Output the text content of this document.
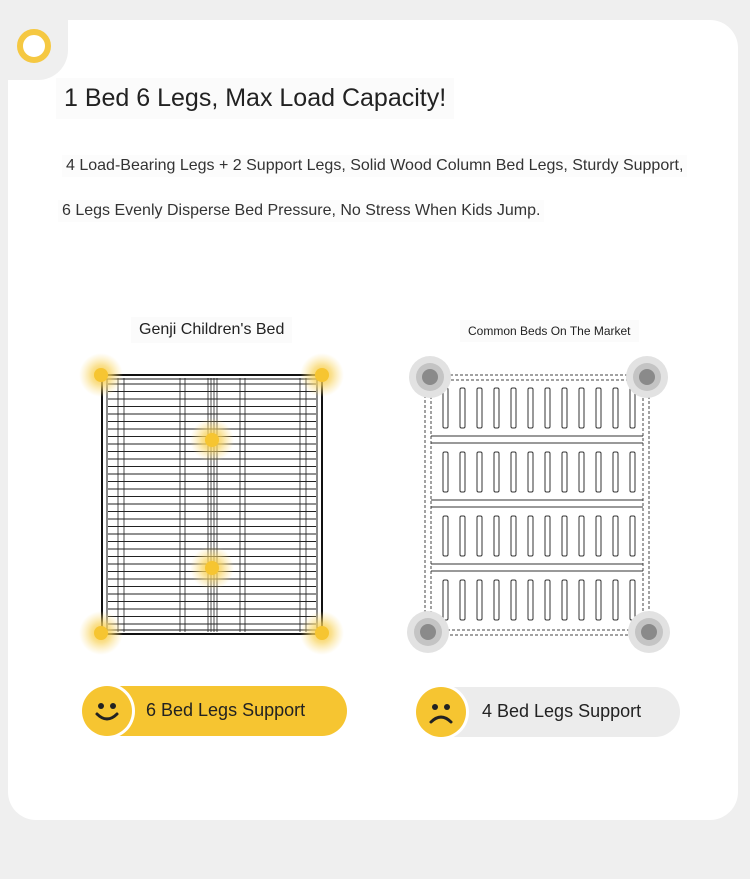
1 Bed 6 Legs, Max Load Capacity!
4 Load-Bearing Legs + 2 Support Legs, Solid Wood Column Bed Legs, Sturdy Support,
6 Legs Evenly Disperse Bed Pressure, No Stress When Kids Jump.
Genji Children's Bed	Common Beds On The Market
6 Bed Legs Support	4 Bed Legs Support
